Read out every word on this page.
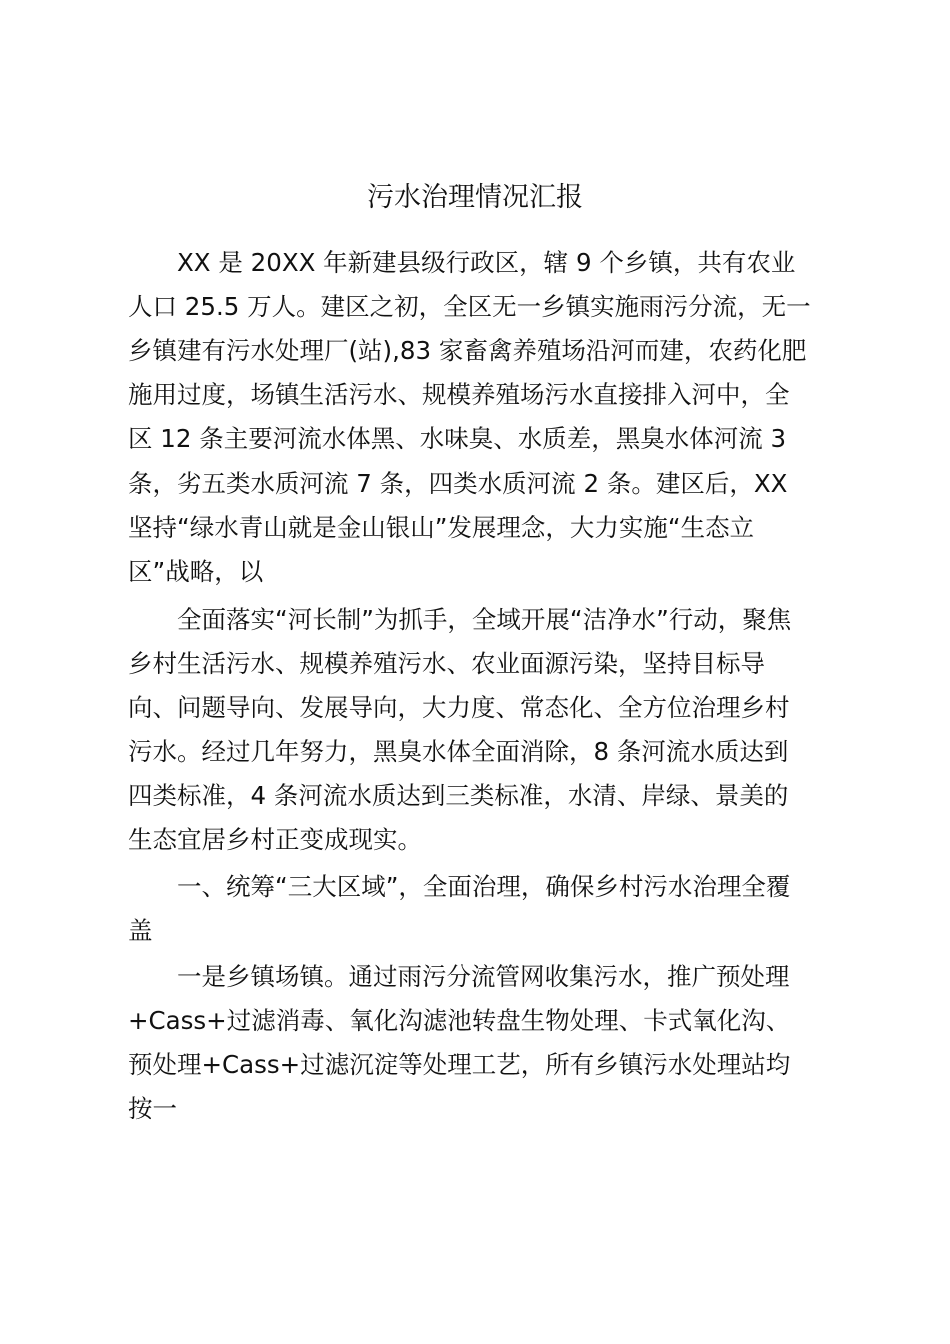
污水治理情况汇报

XX 是 20XX 年新建县级行政区，辖 9 个乡镇，共有农业

人口 25.5 万人。建区之初，全区无一乡镇实施雨污分流，无一

乡镇建有污水处理厂(站),83 家畜禽养殖场沿河而建，农药化肥

施用过度，场镇生活污水、规模养殖场污水直接排入河中，全

区 12 条主要河流水体黑、水味臭、水质差，黑臭水体河流 3

条，劣五类水质河流 7 条，四类水质河流 2 条。建区后，XX

坚持“绿水青山就是金山银山”发展理念，大力实施“生态立

区”战略，以

全面落实“河长制”为抓手，全域开展“洁净水”行动，聚焦

乡村生活污水、规模养殖污水、农业面源污染，坚持目标导

向、问题导向、发展导向，大力度、常态化、全方位治理乡村

污水。经过几年努力，黑臭水体全面消除，8 条河流水质达到

四类标准，4 条河流水质达到三类标准，水清、岸绿、景美的

生态宜居乡村正变成现实。

一、统筹“三大区域”，全面治理，确保乡村污水治理全覆

盖

一是乡镇场镇。通过雨污分流管网收集污水，推广预处理

+Cass+过滤消毒、氧化沟滤池转盘生物处理、卡式氧化沟、

预处理+Cass+过滤沉淀等处理工艺，所有乡镇污水处理站均

按一
